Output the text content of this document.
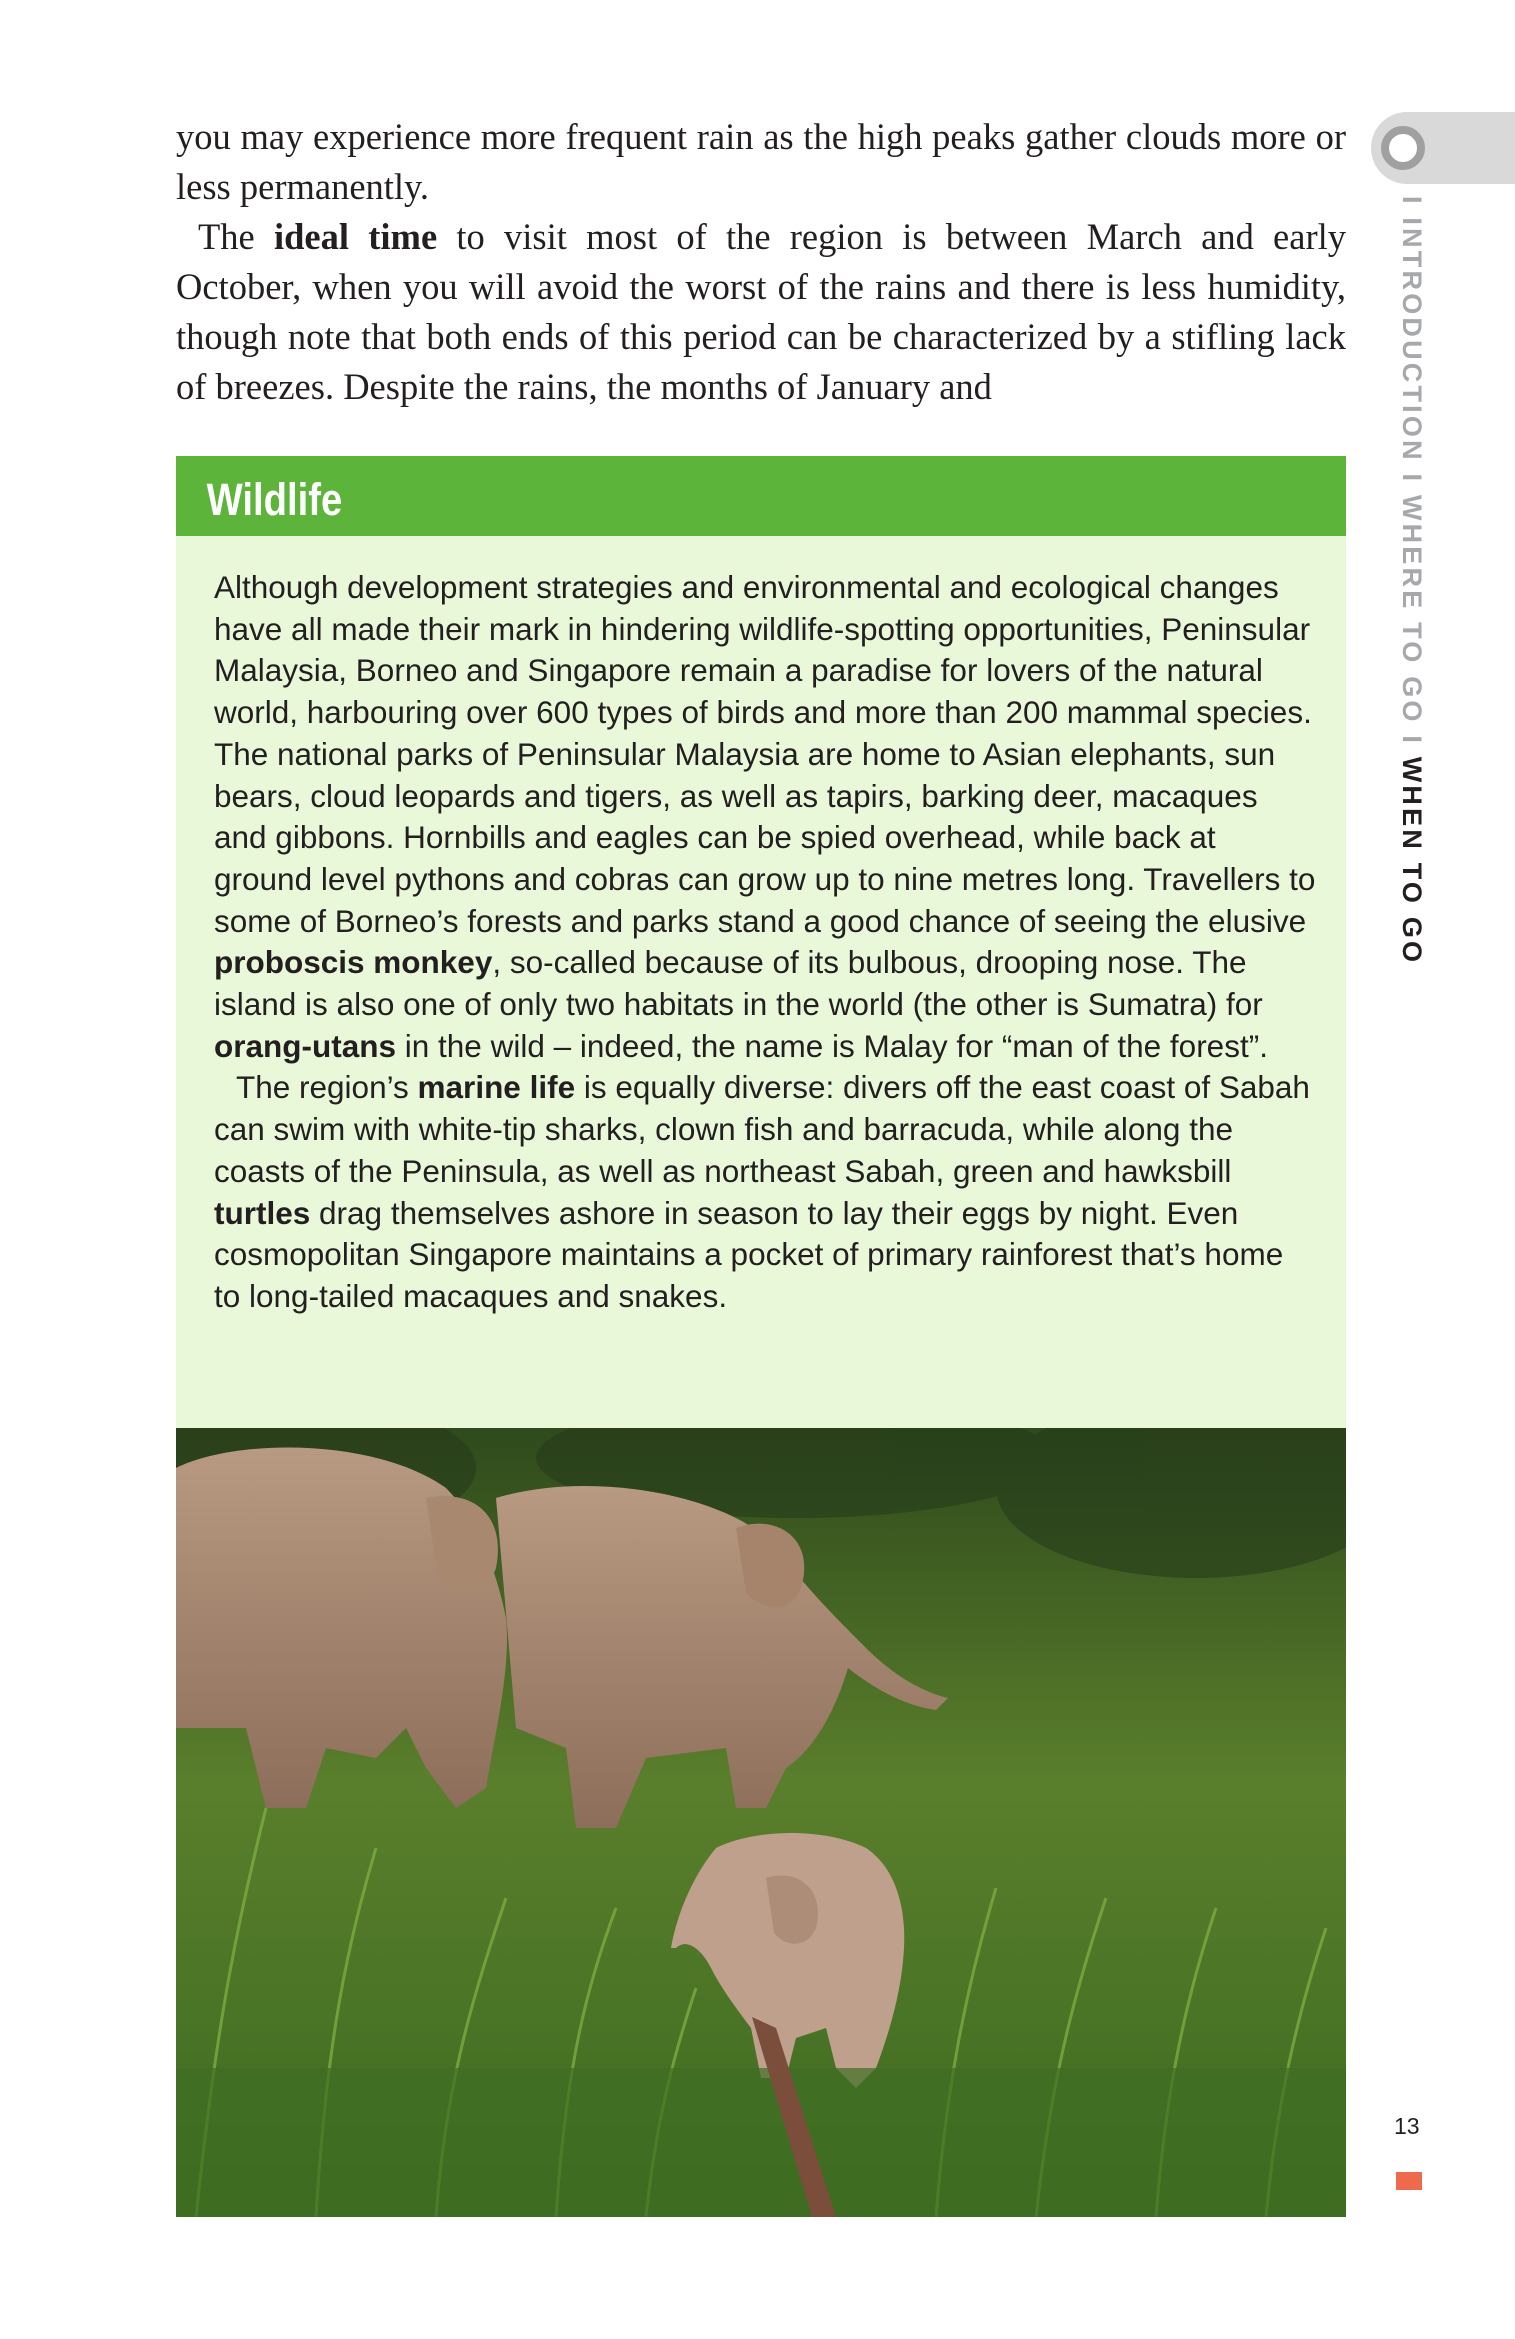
you may experience more frequent rain as the high peaks gather clouds more or less permanently.

The ideal time to visit most of the region is between March and early October, when you will avoid the worst of the rains and there is less humidity, though note that both ends of this period can be characterized by a stifling lack of breezes. Despite the rains, the months of January and

Wildlife

Although development strategies and environmental and ecological changes have all made their mark in hindering wildlife-spotting opportunities, Peninsular Malaysia, Borneo and Singapore remain a paradise for lovers of the natural world, harbouring over 600 types of birds and more than 200 mammal species. The national parks of Peninsular Malaysia are home to Asian elephants, sun bears, cloud leopards and tigers, as well as tapirs, barking deer, macaques and gibbons. Hornbills and eagles can be spied overhead, while back at ground level pythons and cobras can grow up to nine metres long. Travellers to some of Borneo’s forests and parks stand a good chance of seeing the elusive proboscis monkey, so-called because of its bulbous, drooping nose. The island is also one of only two habitats in the world (the other is Sumatra) for orang-utans in the wild – indeed, the name is Malay for “man of the forest”.

The region’s marine life is equally diverse: divers off the east coast of Sabah can swim with white-tip sharks, clown fish and barracuda, while along the coasts of the Peninsula, as well as northeast Sabah, green and hawksbill turtles drag themselves ashore in season to lay their eggs by night. Even cosmopolitan Singapore maintains a pocket of primary rainforest that’s home to long-tailed macaques and snakes.

I INTRODUCTION I WHERE TO GO I WHEN TO GO
13
